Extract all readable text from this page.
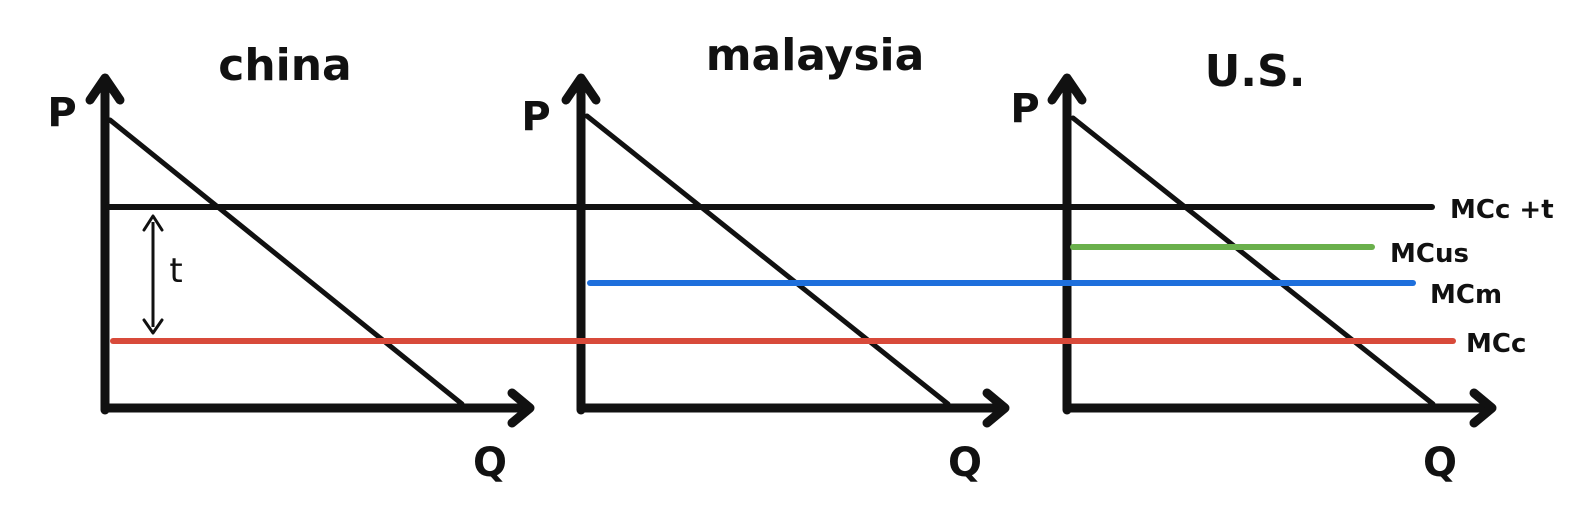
china
P
Q
t
malaysia
P
Q
U.S.
P
Q
MCc +t
MCus
MCm
MCc
